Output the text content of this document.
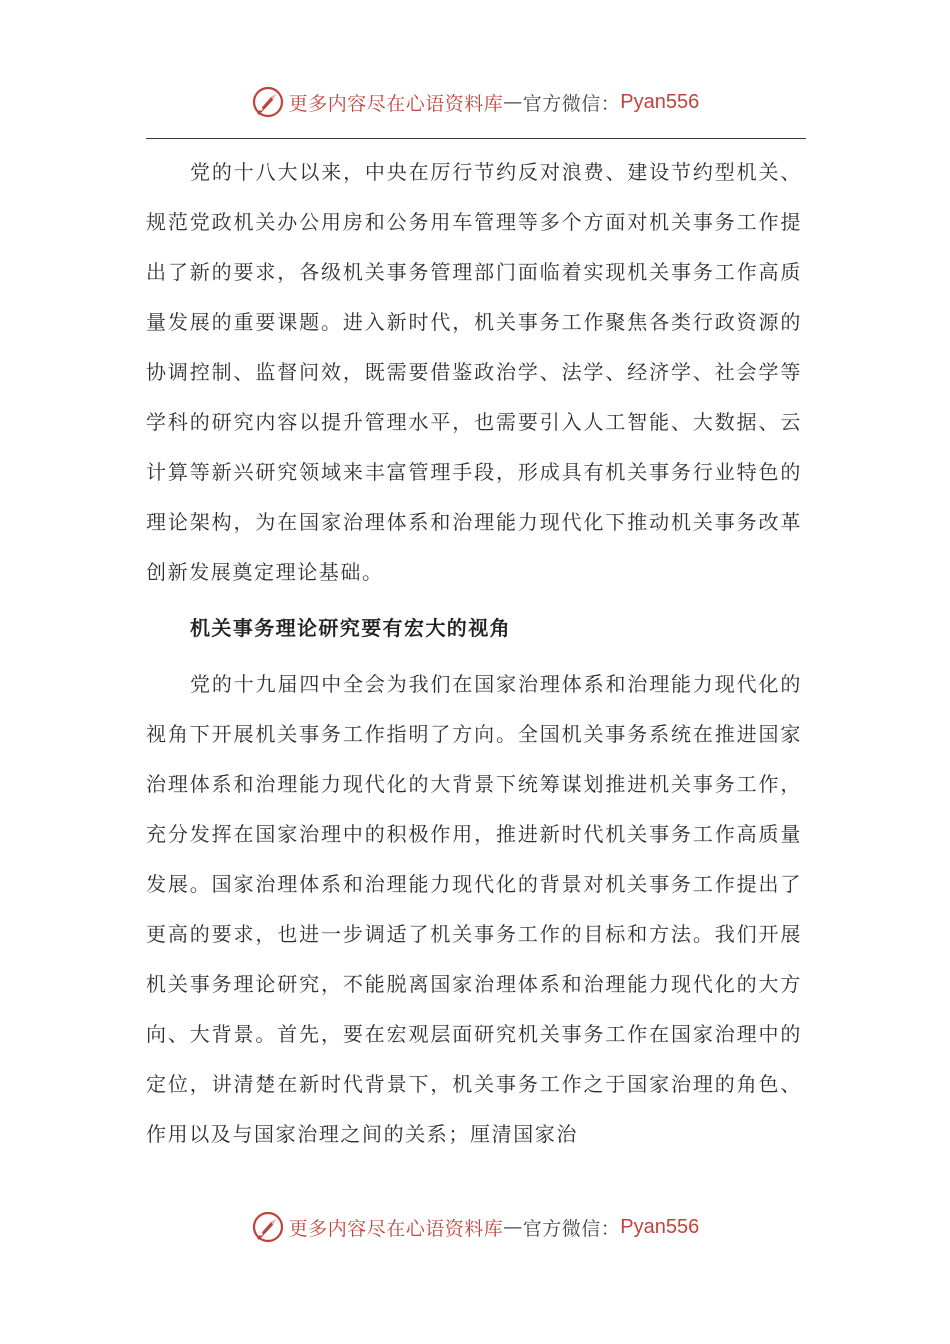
更多内容尽在心语资料库 — 官方微信： Pyan556

党的十八大以来，中央在厉行节约反对浪费、建设节约型机关、规范党政机关办公用房和公务用车管理等多个方面对机关事务工作提出了新的要求，各级机关事务管理部门面临着实现机关事务工作高质量发展的重要课题。进入新时代，机关事务工作聚焦各类行政资源的协调控制、监督问效，既需要借鉴政治学、法学、经济学、社会学等学科的研究内容以提升管理水平，也需要引入人工智能、大数据、云计算等新兴研究领域来丰富管理手段，形成具有机关事务行业特色的理论架构，为在国家治理体系和治理能力现代化下推动机关事务改革创新发展奠定理论基础。

机关事务理论研究要有宏大的视角

党的十九届四中全会为我们在国家治理体系和治理能力现代化的视角下开展机关事务工作指明了方向。全国机关事务系统在推进国家治理体系和治理能力现代化的大背景下统筹谋划推进机关事务工作，充分发挥在国家治理中的积极作用，推进新时代机关事务工作高质量发展。国家治理体系和治理能力现代化的背景对机关事务工作提出了更高的要求，也进一步调适了机关事务工作的目标和方法。我们开展机关事务理论研究，不能脱离国家治理体系和治理能力现代化的大方向、大背景。首先，要在宏观层面研究机关事务工作在国家治理中的定位，讲清楚在新时代背景下，机关事务工作之于国家治理的角色、作用以及与国家治理之间的关系；厘清国家治

更多内容尽在心语资料库 — 官方微信： Pyan556
